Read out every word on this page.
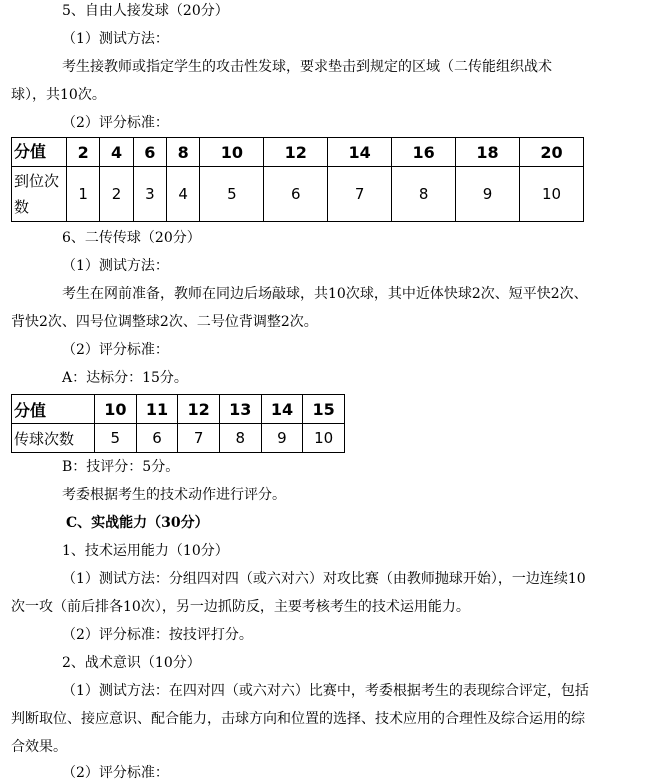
5、自由人接发球（20分）
（1）测试方法：
考生接教师或指定学生的攻击性发球，要求垫击到规定的区域（二传能组织战术
球），共10次。
（2）评分标准：
分值	2	4	6	8	10	12	14	16	18	20
到位次数	1	2	3	4	5	6	7	8	9	10
6、二传传球（20分）
（1）测试方法：
考生在网前准备，教师在同边后场敲球，共10次球，其中近体快球2次、短平快2次、
背快2次、四号位调整球2次、二号位背调整2次。
（2）评分标准：
A：达标分：15分。
分值	10	11	12	13	14	15
传球次数	5	6	7	8	9	10
B：技评分：5分。
考委根据考生的技术动作进行评分。
C、实战能力（30分）
1、技术运用能力（10分）
（1）测试方法：分组四对四（或六对六）对攻比赛（由教师抛球开始），一边连续10
次一攻（前后排各10次），另一边抓防反，主要考核考生的技术运用能力。
（2）评分标准：按技评打分。
2、战术意识（10分）
（1）测试方法：在四对四（或六对六）比赛中，考委根据考生的表现综合评定，包括
判断取位、接应意识、配合能力，击球方向和位置的选择、技术应用的合理性及综合运用的综
合效果。
（2）评分标准：
